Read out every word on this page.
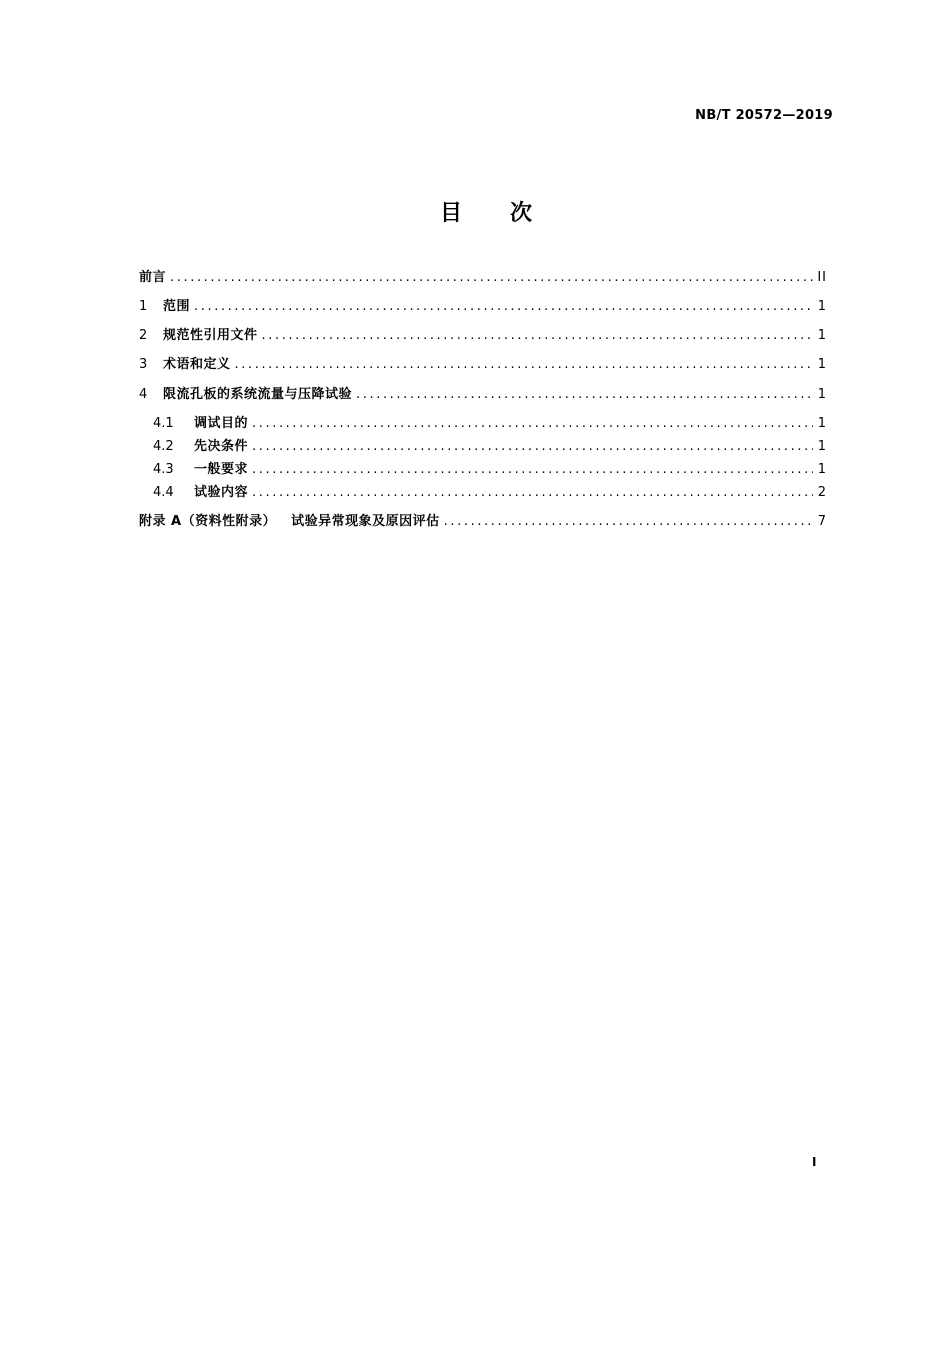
NB/T 20572—2019
目 次
前言 .....	II
1	范围 .....	1
2	规范性引用文件 .....	1
3	术语和定义 .....	1
4	限流孔板的系统流量与压降试验 .....	1
4.1	调试目的 .....	1
4.2	先决条件 .....	1
4.3	一般要求 .....	1
4.4	试验内容 .....	2
附录 A（资料性附录）   试验异常现象及原因评估 .....	7
I
